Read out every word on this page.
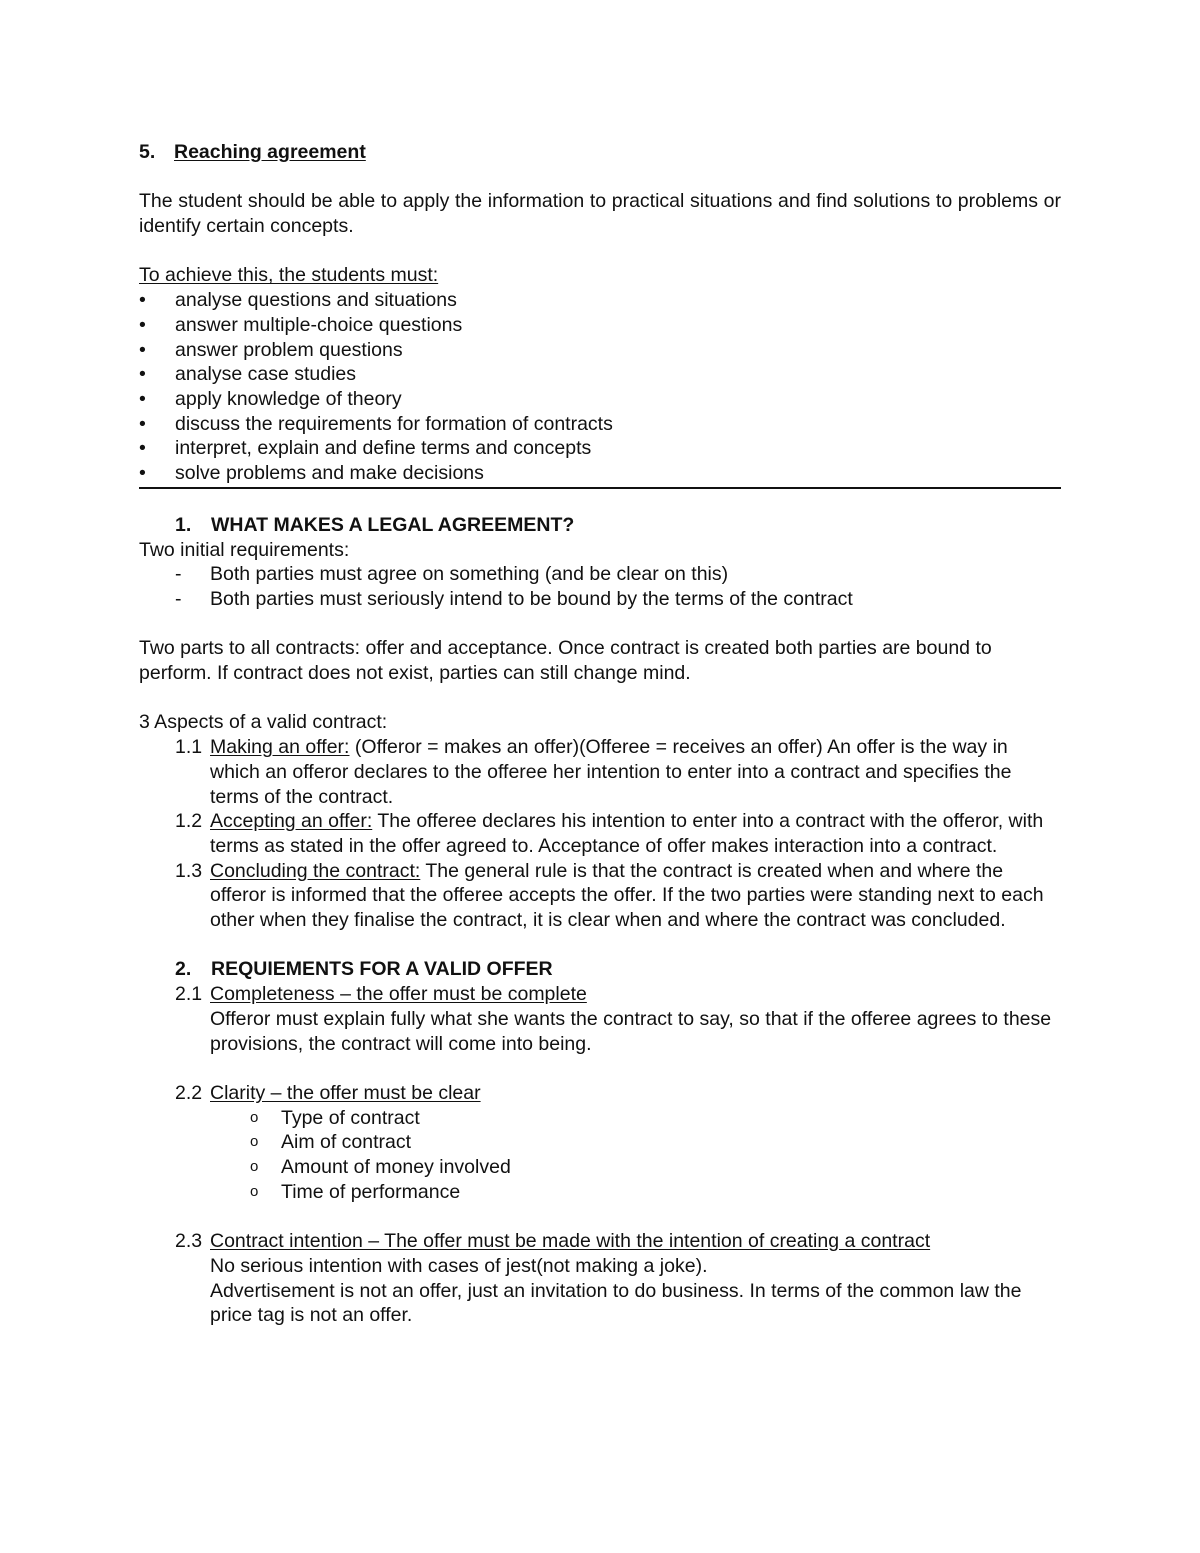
5. Reaching agreement
The student should be able to apply the information to practical situations and find solutions to problems or identify certain concepts.
To achieve this, the students must:
•	analyse questions and situations
•	answer multiple-choice questions
•	answer problem questions
•	analyse case studies
•	apply knowledge of theory
•	discuss the requirements for formation of contracts
•	interpret, explain and define terms and concepts
•	solve problems and make decisions
1. WHAT MAKES A LEGAL AGREEMENT?
Two initial requirements:
- Both parties must agree on something (and be clear on this)
- Both parties must seriously intend to be bound by the terms of the contract
Two parts to all contracts: offer and acceptance. Once contract is created both parties are bound to perform. If contract does not exist, parties can still change mind.
3 Aspects of a valid contract:
1.1 Making an offer: (Offeror = makes an offer)(Offeree = receives an offer) An offer is the way in which an offeror declares to the offeree her intention to enter into a contract and specifies the terms of the contract.
1.2 Accepting an offer: The offeree declares his intention to enter into a contract with the offeror, with terms as stated in the offer agreed to. Acceptance of offer makes interaction into a contract.
1.3 Concluding the contract: The general rule is that the contract is created when and where the offeror is informed that the offeree accepts the offer. If the two parties were standing next to each other when they finalise the contract, it is clear when and where the contract was concluded.
2. REQUIEMENTS FOR A VALID OFFER
2.1 Completeness – the offer must be complete
Offeror must explain fully what she wants the contract to say, so that if the offeree agrees to these provisions, the contract will come into being.
2.2 Clarity – the offer must be clear
o Type of contract
o Aim of contract
o Amount of money involved
o Time of performance
2.3 Contract intention – The offer must be made with the intention of creating a contract
No serious intention with cases of jest(not making a joke).
Advertisement is not an offer, just an invitation to do business. In terms of the common law the price tag is not an offer.
